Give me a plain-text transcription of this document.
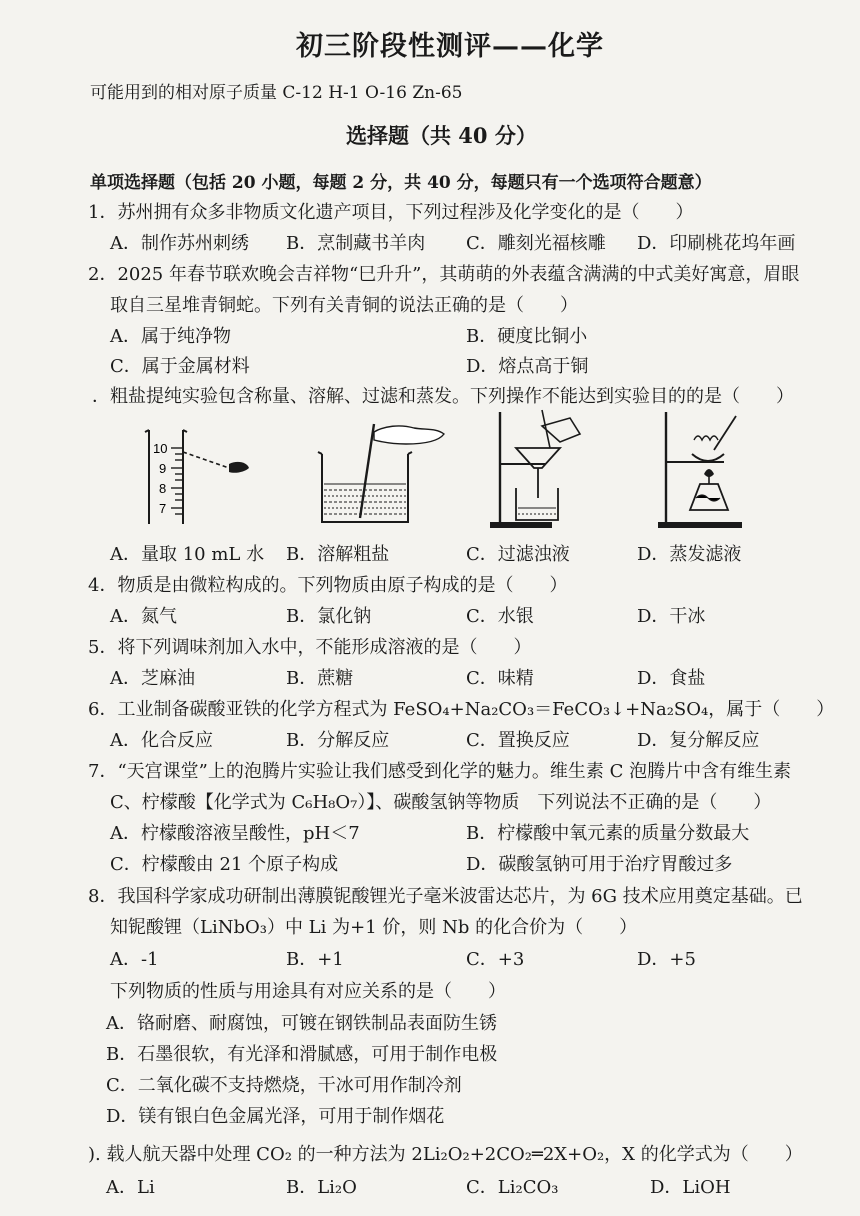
初三阶段性测评——化学
可能用到的相对原子质量 C-12 H-1 O-16 Zn-65
选择题（共 40 分）
单项选择题（包括 20 小题，每题 2 分，共 40 分，每题只有一个选项符合题意）
1．苏州拥有众多非物质文化遗产项目，下列过程涉及化学变化的是（　　）
A．制作苏州刺绣 B．烹制藏书羊肉 C．雕刻光福核雕 D．印刷桃花坞年画
2．2025 年春节联欢晚会吉祥物“巳升升”，其萌萌的外表蕴含满满的中式美好寓意，眉眼
取自三星堆青铜蛇。下列有关青铜的说法正确的是（　　）
A．属于纯净物	B．硬度比铜小
C．属于金属材料	D．熔点高于铜
．粗盐提纯实验包含称量、溶解、过滤和蒸发。下列操作不能达到实验目的的是（　　）
10
9
8
7
A．量取 10 mL 水 B．溶解粗盐	C．过滤浊液	D．蒸发滤液
4．物质是由微粒构成的。下列物质由原子构成的是（　　）
A．氮气	B．氯化钠	C．水银	D．干冰
5．将下列调味剂加入水中，不能形成溶液的是（　　）
A．芝麻油	B．蔗糖	C．味精	D．食盐
6．工业制备碳酸亚铁的化学方程式为 FeSO₄+Na₂CO₃＝FeCO₃↓+Na₂SO₄，属于（　　）
A．化合反应	B．分解反应	C．置换反应	D．复分解反应
7．“天宫课堂”上的泡腾片实验让我们感受到化学的魅力。维生素 C 泡腾片中含有维生素
C、柠檬酸【化学式为 C₆H₈O₇）】、碳酸氢钠等物质　下列说法不正确的是（　　）
A．柠檬酸溶液呈酸性，pH＜7	B．柠檬酸中氧元素的质量分数最大
C．柠檬酸由 21 个原子构成	D．碳酸氢钠可用于治疗胃酸过多
8．我国科学家成功研制出薄膜铌酸锂光子毫米波雷达芯片，为 6G 技术应用奠定基础。已
知铌酸锂（LiNbO₃）中 Li 为+1 价，则 Nb 的化合价为（　　）
A．-1	B．+1	C．+3	D．+5
下列物质的性质与用途具有对应关系的是（　　）
A．铬耐磨、耐腐蚀，可镀在钢铁制品表面防生锈
B．石墨很软，有光泽和滑腻感，可用于制作电极
C．二氧化碳不支持燃烧，干冰可用作制冷剂
D．镁有银白色金属光泽，可用于制作烟花
). 载人航天器中处理 CO₂ 的一种方法为 2Li₂O₂+2CO₂═2X+O₂，X 的化学式为（　　）
A．Li	B．Li₂O	C．Li₂CO₃	D．LiOH
